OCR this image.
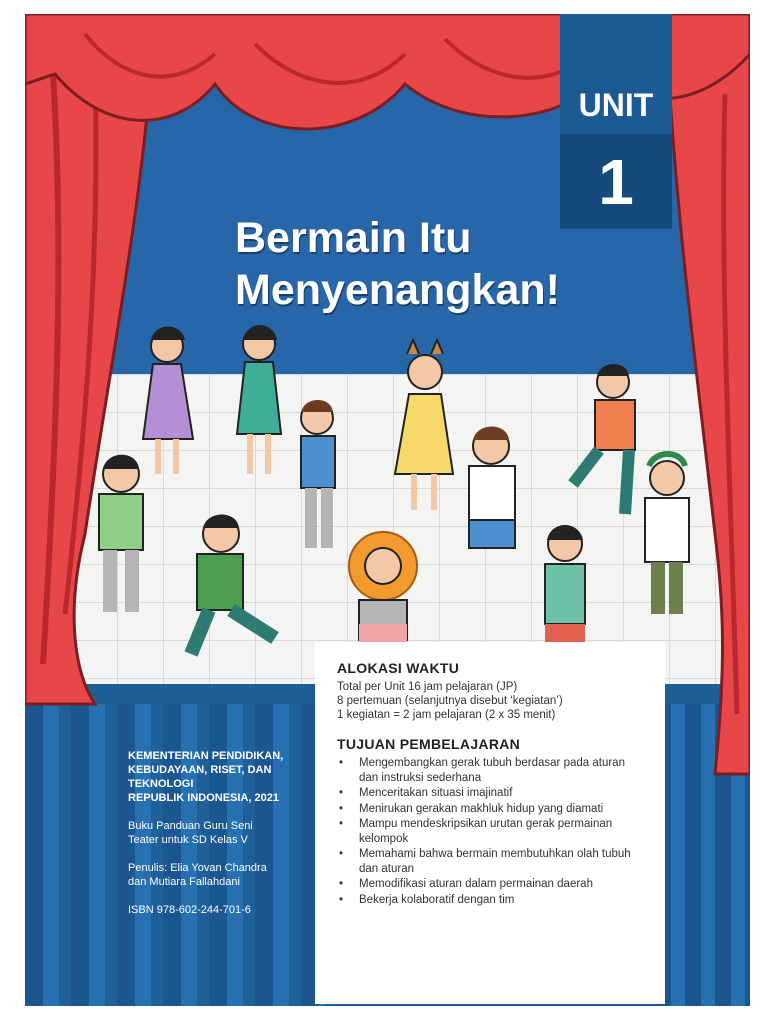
UNIT
1
Bermain Itu
Menyenangkan!

KEMENTERIAN PENDIDIKAN,
KEBUDAYAAN, RISET, DAN
TEKNOLOGI
REPUBLIK INDONESIA, 2021

Buku Panduan Guru Seni
Teater untuk SD Kelas V

Penulis: Elia Yovan Chandra
dan Mutiara Fallahdani

ISBN 978-602-244-701-6

ALOKASI WAKTU
Total per Unit 16 jam pelajaran (JP)
8 pertemuan (selanjutnya disebut ‘kegiatan’)
1 kegiatan = 2 jam pelajaran (2 x 35 menit)
TUJUAN PEMBELAJARAN
• Mengembangkan gerak tubuh berdasar pada aturan dan instruksi sederhana
• Menceritakan situasi imajinatif
• Menirukan gerakan makhluk hidup yang diamati
• Mampu mendeskripsikan urutan gerak permainan kelompok
• Memahami bahwa bermain membutuhkan olah tubuh dan aturan
• Memodifikasi aturan dalam permainan daerah
• Bekerja kolaboratif dengan tim
